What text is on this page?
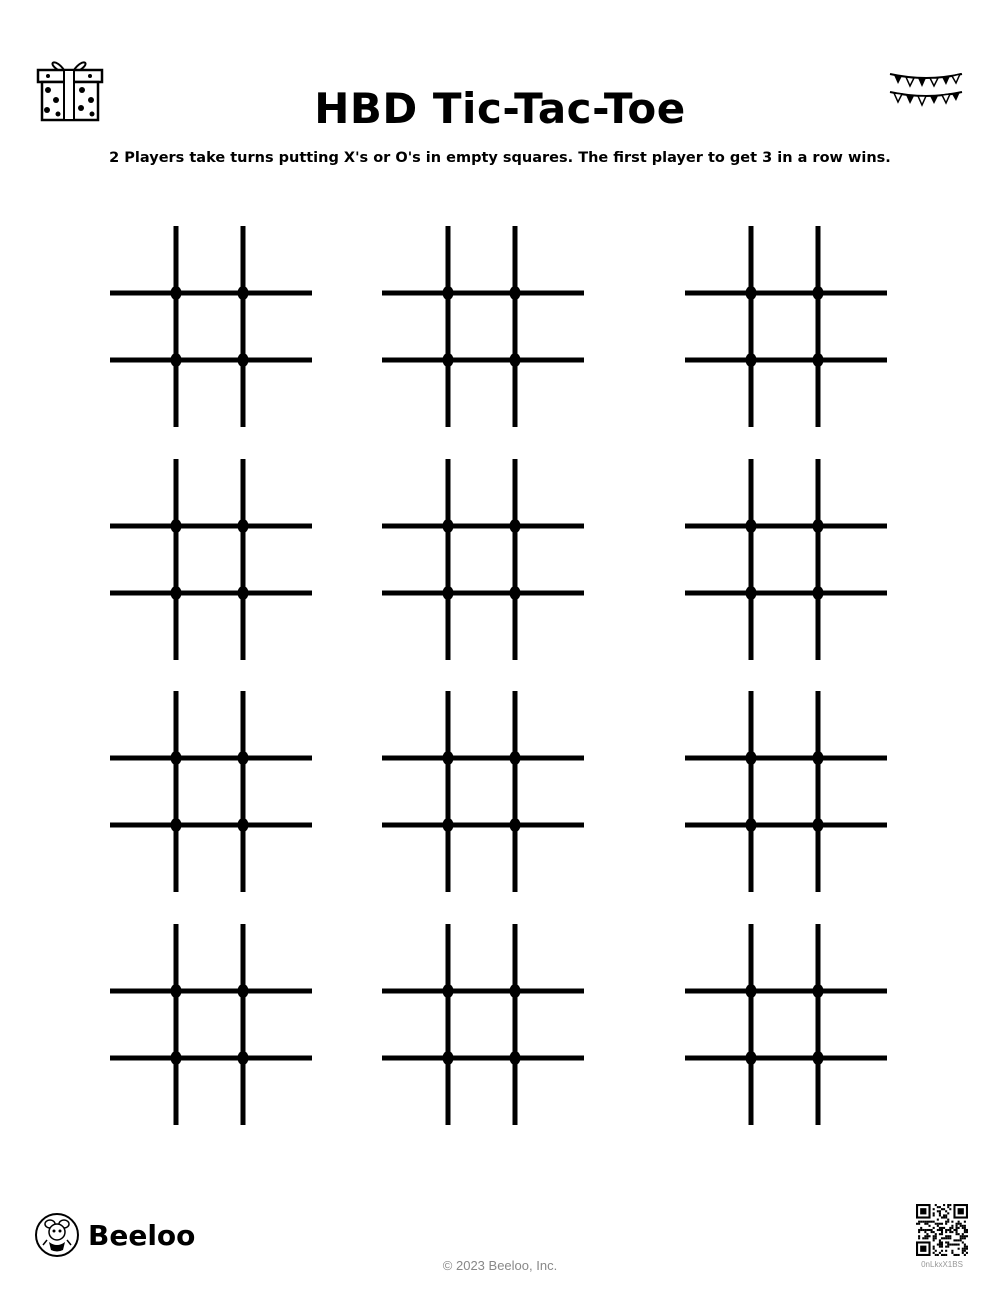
HBD Tic-Tac-Toe

2 Players take turns putting X's or O's in empty squares. The first player to get 3 in a row wins.

Beeloo
© 2023 Beeloo, Inc.	0nLkxX1BS
